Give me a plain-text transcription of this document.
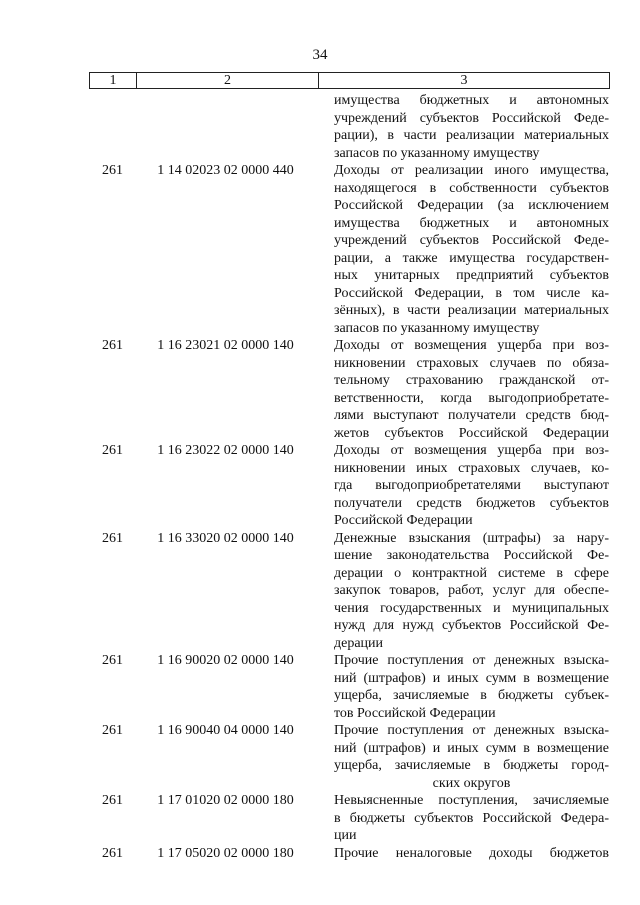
34
1	2	3
имущества бюджетных и автономных
учреждений субъектов Российской Феде-
рации), в части реализации материальных
запасов по указанному имуществу
261	1 14 02023 02 0000 440	Доходы от реализации иного имущества,
находящегося в собственности субъектов
Российской Федерации (за исключением
имущества бюджетных и автономных
учреждений субъектов Российской Феде-
рации, а также имущества государствен-
ных унитарных предприятий субъектов
Российской Федерации, в том числе ка-
зённых), в части реализации материальных
запасов по указанному имуществу
261	1 16 23021 02 0000 140	Доходы от возмещения ущерба при воз-
никновении страховых случаев по обяза-
тельному страхованию гражданской от-
ветственности, когда выгодоприобретате-
лями выступают получатели средств бюд-
жетов субъектов Российской Федерации
261	1 16 23022 02 0000 140	Доходы от возмещения ущерба при воз-
никновении иных страховых случаев, ко-
гда выгодоприобретателями выступают
получатели средств бюджетов субъектов
Российской Федерации
261	1 16 33020 02 0000 140	Денежные взыскания (штрафы) за нару-
шение законодательства Российской Фе-
дерации о контрактной системе в сфере
закупок товаров, работ, услуг для обеспе-
чения государственных и муниципальных
нужд для нужд субъектов Российской Фе-
дерации
261	1 16 90020 02 0000 140	Прочие поступления от денежных взыска-
ний (штрафов) и иных сумм в возмещение
ущерба, зачисляемые в бюджеты субъек-
тов Российской Федерации
261	1 16 90040 04 0000 140	Прочие поступления от денежных взыска-
ний (штрафов) и иных сумм в возмещение
ущерба, зачисляемые в бюджеты город-
ских округов
261	1 17 01020 02 0000 180	Невыясненные поступления, зачисляемые
в бюджеты субъектов Российской Федера-
ции
261	1 17 05020 02 0000 180	Прочие неналоговые доходы бюджетов
